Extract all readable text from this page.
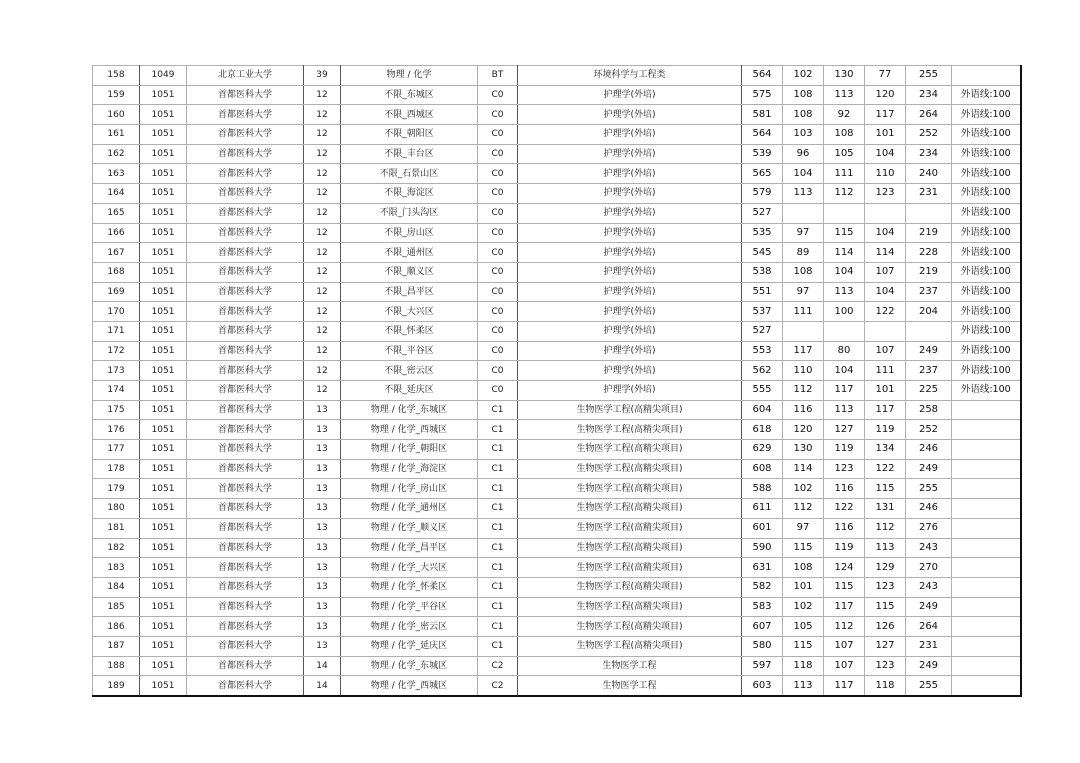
158	1049	北京工业大学	39	物理 / 化学	BT	环境科学与工程类	564	102	130	77	255	
159	1051	首都医科大学	12	不限_东城区	C0	护理学(外培)	575	108	113	120	234	外语线:100
160	1051	首都医科大学	12	不限_西城区	C0	护理学(外培)	581	108	92	117	264	外语线:100
161	1051	首都医科大学	12	不限_朝阳区	C0	护理学(外培)	564	103	108	101	252	外语线:100
162	1051	首都医科大学	12	不限_丰台区	C0	护理学(外培)	539	96	105	104	234	外语线:100
163	1051	首都医科大学	12	不限_石景山区	C0	护理学(外培)	565	104	111	110	240	外语线:100
164	1051	首都医科大学	12	不限_海淀区	C0	护理学(外培)	579	113	112	123	231	外语线:100
165	1051	首都医科大学	12	不限_门头沟区	C0	护理学(外培)	527					外语线:100
166	1051	首都医科大学	12	不限_房山区	C0	护理学(外培)	535	97	115	104	219	外语线:100
167	1051	首都医科大学	12	不限_通州区	C0	护理学(外培)	545	89	114	114	228	外语线:100
168	1051	首都医科大学	12	不限_顺义区	C0	护理学(外培)	538	108	104	107	219	外语线:100
169	1051	首都医科大学	12	不限_昌平区	C0	护理学(外培)	551	97	113	104	237	外语线:100
170	1051	首都医科大学	12	不限_大兴区	C0	护理学(外培)	537	111	100	122	204	外语线:100
171	1051	首都医科大学	12	不限_怀柔区	C0	护理学(外培)	527					外语线:100
172	1051	首都医科大学	12	不限_平谷区	C0	护理学(外培)	553	117	80	107	249	外语线:100
173	1051	首都医科大学	12	不限_密云区	C0	护理学(外培)	562	110	104	111	237	外语线:100
174	1051	首都医科大学	12	不限_延庆区	C0	护理学(外培)	555	112	117	101	225	外语线:100
175	1051	首都医科大学	13	物理 / 化学_东城区	C1	生物医学工程(高精尖项目)	604	116	113	117	258	
176	1051	首都医科大学	13	物理 / 化学_西城区	C1	生物医学工程(高精尖项目)	618	120	127	119	252	
177	1051	首都医科大学	13	物理 / 化学_朝阳区	C1	生物医学工程(高精尖项目)	629	130	119	134	246	
178	1051	首都医科大学	13	物理 / 化学_海淀区	C1	生物医学工程(高精尖项目)	608	114	123	122	249	
179	1051	首都医科大学	13	物理 / 化学_房山区	C1	生物医学工程(高精尖项目)	588	102	116	115	255	
180	1051	首都医科大学	13	物理 / 化学_通州区	C1	生物医学工程(高精尖项目)	611	112	122	131	246	
181	1051	首都医科大学	13	物理 / 化学_顺义区	C1	生物医学工程(高精尖项目)	601	97	116	112	276	
182	1051	首都医科大学	13	物理 / 化学_昌平区	C1	生物医学工程(高精尖项目)	590	115	119	113	243	
183	1051	首都医科大学	13	物理 / 化学_大兴区	C1	生物医学工程(高精尖项目)	631	108	124	129	270	
184	1051	首都医科大学	13	物理 / 化学_怀柔区	C1	生物医学工程(高精尖项目)	582	101	115	123	243	
185	1051	首都医科大学	13	物理 / 化学_平谷区	C1	生物医学工程(高精尖项目)	583	102	117	115	249	
186	1051	首都医科大学	13	物理 / 化学_密云区	C1	生物医学工程(高精尖项目)	607	105	112	126	264	
187	1051	首都医科大学	13	物理 / 化学_延庆区	C1	生物医学工程(高精尖项目)	580	115	107	127	231	
188	1051	首都医科大学	14	物理 / 化学_东城区	C2	生物医学工程	597	118	107	123	249	
189	1051	首都医科大学	14	物理 / 化学_西城区	C2	生物医学工程	603	113	117	118	255	
